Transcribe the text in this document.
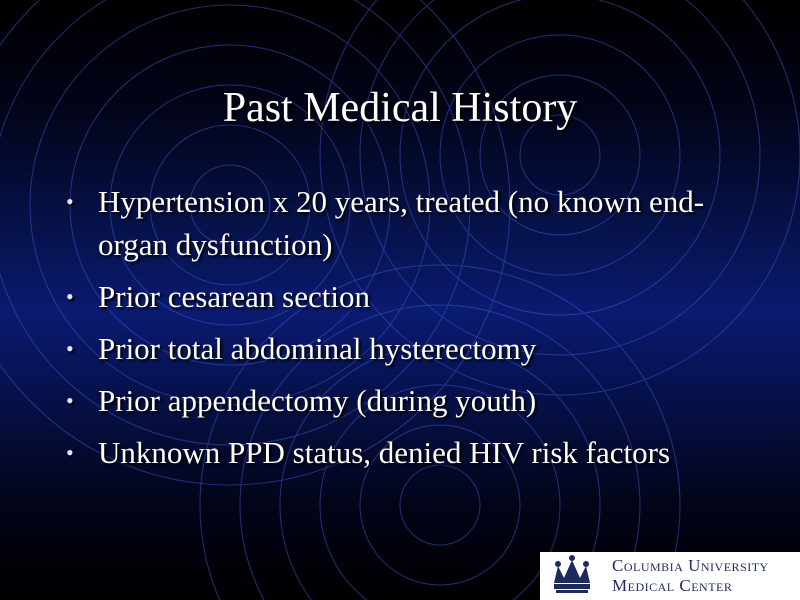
Past Medical History
• Hypertension x 20 years, treated (no known end-organ dysfunction)
• Prior cesarean section
• Prior total abdominal hysterectomy
• Prior appendectomy (during youth)
• Unknown PPD status, denied HIV risk factors
Columbia University
Medical Center
